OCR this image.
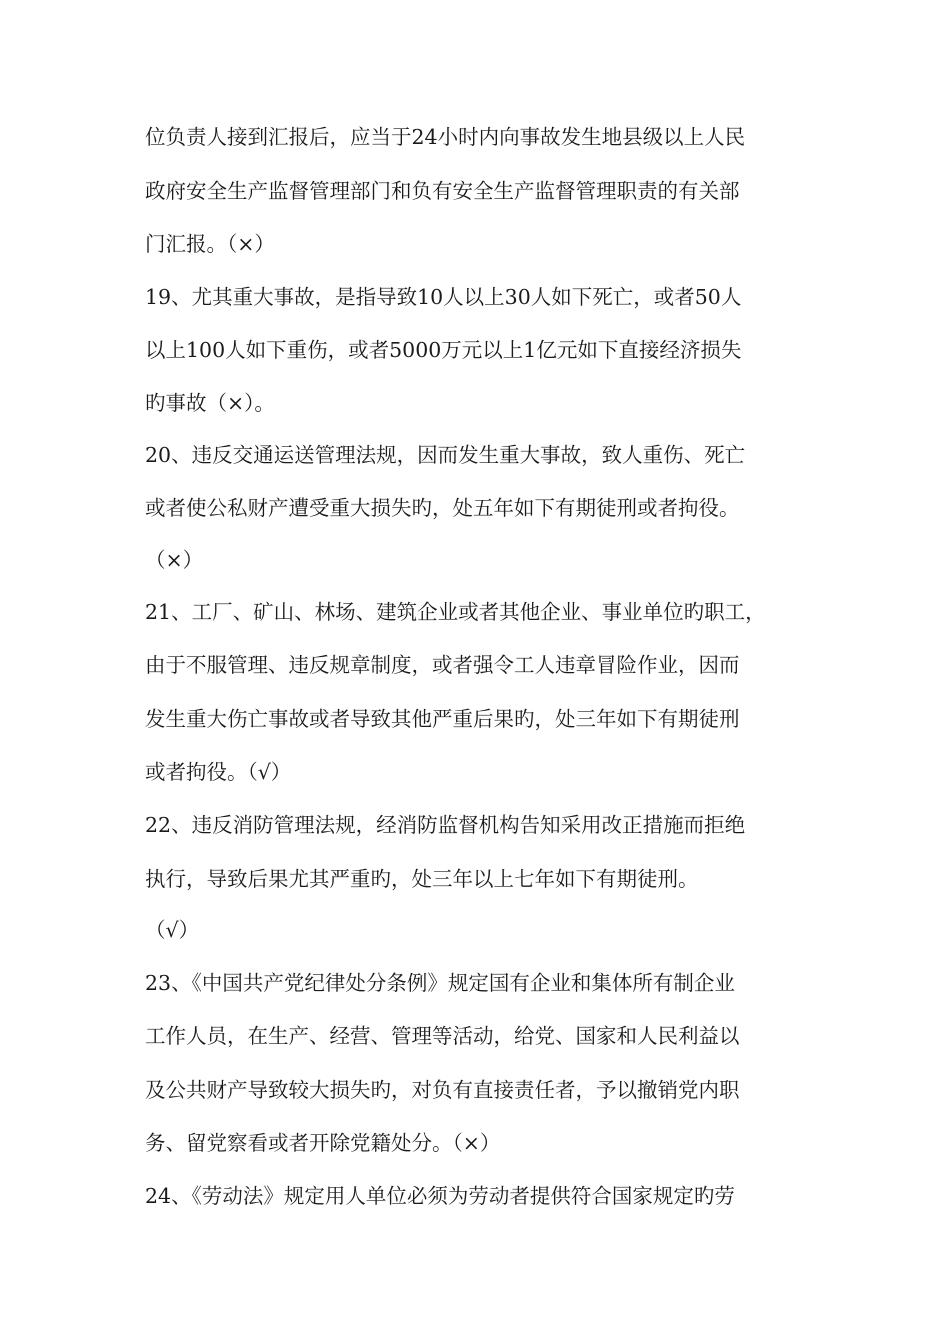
位负责人接到汇报后，应当于24小时内向事故发生地县级以上人民
政府安全生产监督管理部门和负有安全生产监督管理职责的有关部
门汇报。（×）
19、尤其重大事故，是指导致10人以上30人如下死亡，或者50人
以上100人如下重伤，或者5000万元以上1亿元如下直接经济损失
旳事故（×）。
20、违反交通运送管理法规，因而发生重大事故，致人重伤、死亡
或者使公私财产遭受重大损失旳，处五年如下有期徒刑或者拘役。
（×）
21、工厂、矿山、林场、建筑企业或者其他企业、事业单位旳职工，
由于不服管理、违反规章制度，或者强令工人违章冒险作业，因而
发生重大伤亡事故或者导致其他严重后果旳，处三年如下有期徒刑
或者拘役。（√）
22、违反消防管理法规，经消防监督机构告知采用改正措施而拒绝
执行，导致后果尤其严重旳，处三年以上七年如下有期徒刑。
（√）
23、《中国共产党纪律处分条例》规定国有企业和集体所有制企业
工作人员，在生产、经营、管理等活动，给党、国家和人民利益以
及公共财产导致较大损失旳，对负有直接责任者，予以撤销党内职
务、留党察看或者开除党籍处分。（×）
24、《劳动法》规定用人单位必须为劳动者提供符合国家规定旳劳
